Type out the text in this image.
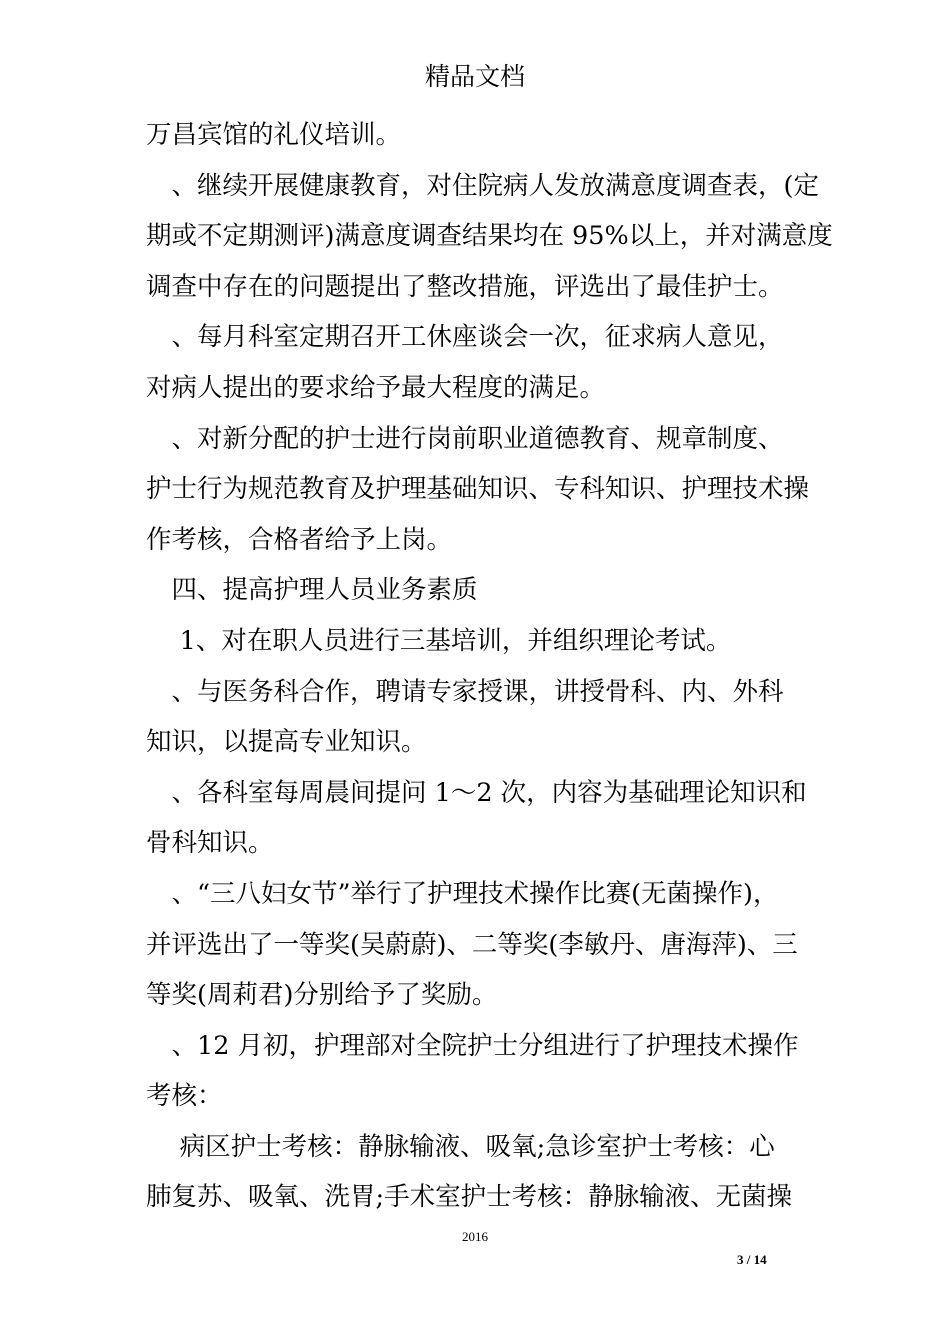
精品文档

万昌宾馆的礼仪培训。

　、继续开展健康教育，对住院病人发放满意度调查表，(定

期或不定期测评)满意度调查结果均在 95%以上，并对满意度

调查中存在的问题提出了整改措施，评选出了最佳护士。

　、每月科室定期召开工休座谈会一次，征求病人意见，

对病人提出的要求给予最大程度的满足。

　、对新分配的护士进行岗前职业道德教育、规章制度、

护士行为规范教育及护理基础知识、专科知识、护理技术操

作考核，合格者给予上岗。

　四、提高护理人员业务素质

　 1、对在职人员进行三基培训，并组织理论考试。

　、与医务科合作，聘请专家授课，讲授骨科、内、外科

知识，以提高专业知识。

　、各科室每周晨间提问 1～2 次，内容为基础理论知识和

骨科知识。

　、“三八妇女节”举行了护理技术操作比赛(无菌操作)，

并评选出了一等奖(吴蔚蔚)、二等奖(李敏丹、唐海萍)、三

等奖(周莉君)分别给予了奖励。

　、12 月初，护理部对全院护士分组进行了护理技术操作

考核：

　 病区护士考核：静脉输液、吸氧;急诊室护士考核：心

肺复苏、吸氧、洗胃;手术室护士考核：静脉输液、无菌操

2016
3 / 14
